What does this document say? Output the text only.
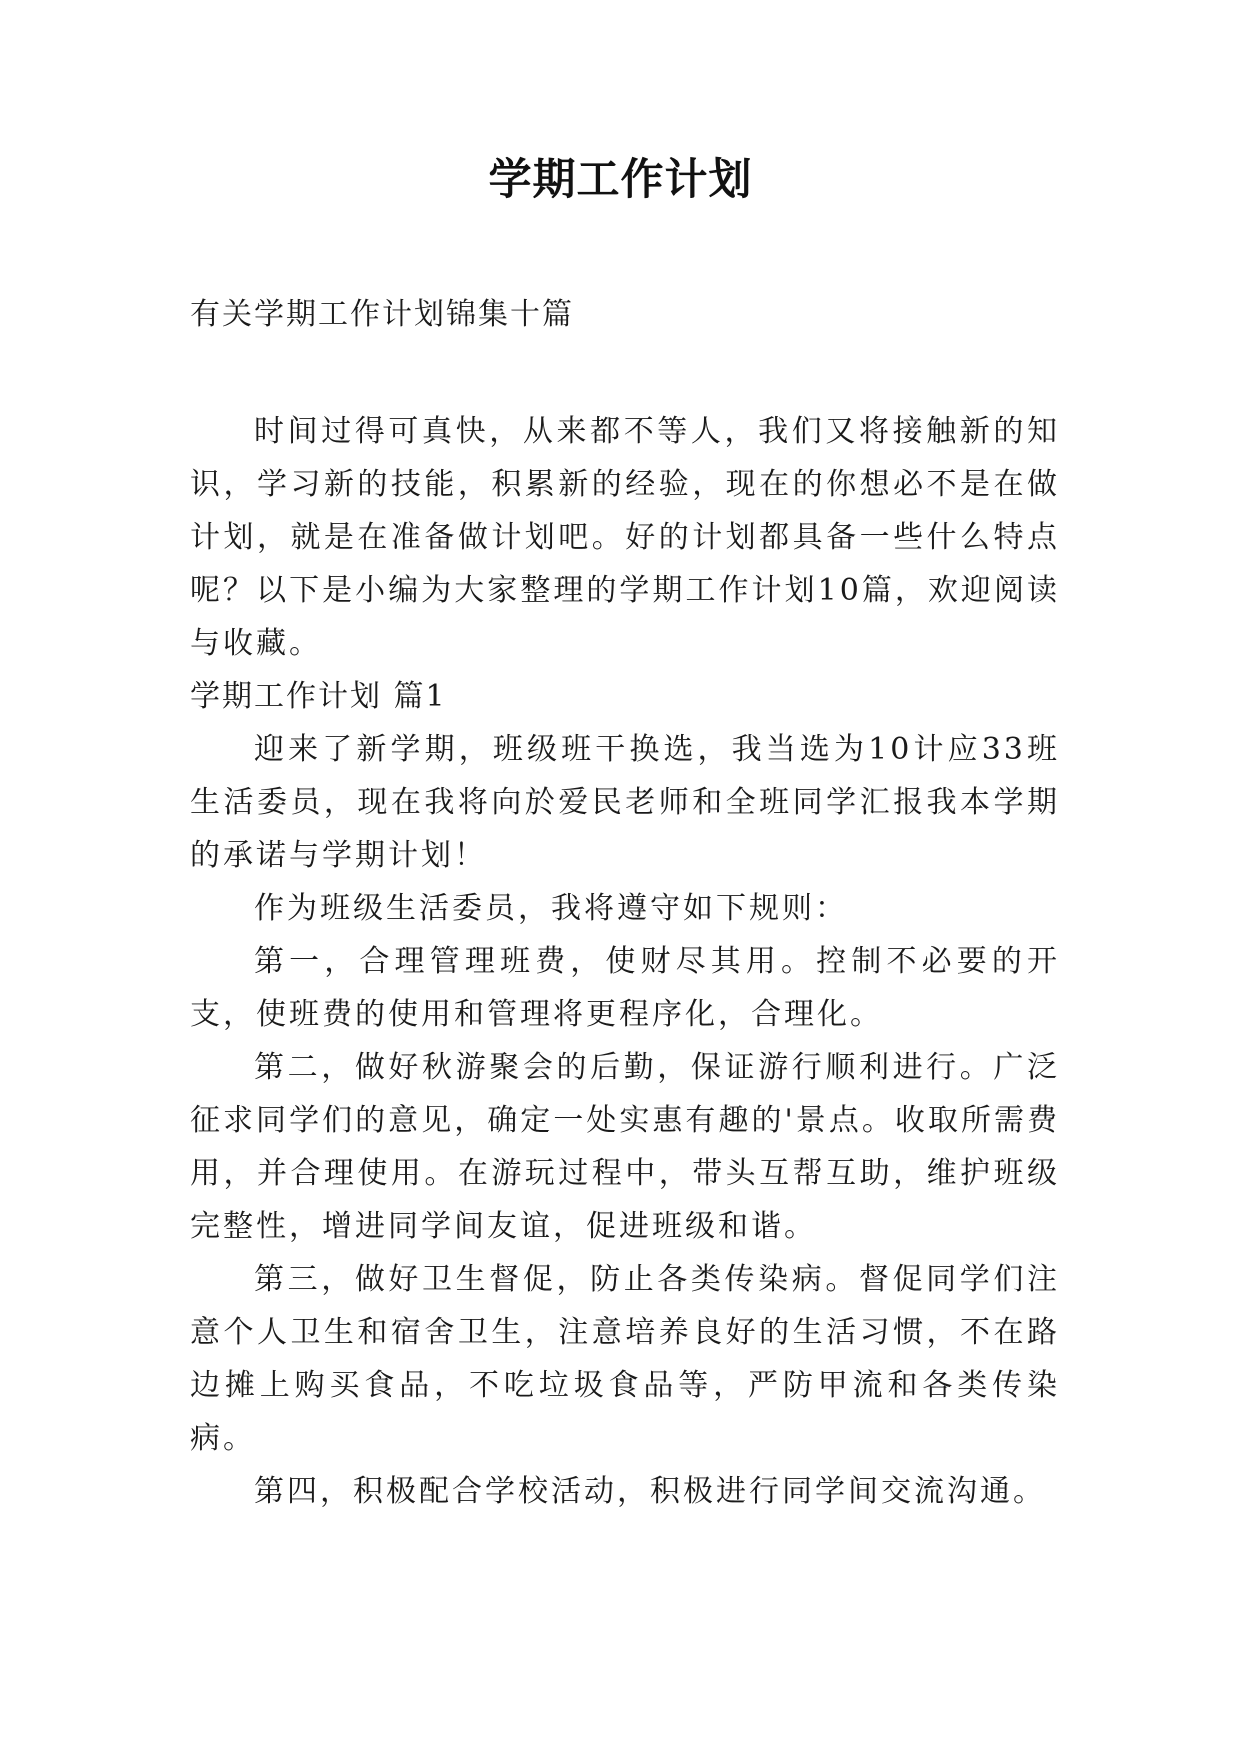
学期工作计划
有关学期工作计划锦集十篇

时间过得可真快，从来都不等人，我们又将接触新的知识，学习新的技能，积累新的经验，现在的你想必不是在做计划，就是在准备做计划吧。好的计划都具备一些什么特点呢？以下是小编为大家整理的学期工作计划10篇，欢迎阅读与收藏。

学期工作计划 篇1

迎来了新学期，班级班干换选，我当选为10计应33班生活委员，现在我将向於爱民老师和全班同学汇报我本学期的承诺与学期计划！

作为班级生活委员，我将遵守如下规则：

第一，合理管理班费，使财尽其用。控制不必要的开支，使班费的使用和管理将更程序化，合理化。

第二，做好秋游聚会的后勤，保证游行顺利进行。广泛征求同学们的意见，确定一处实惠有趣的'景点。收取所需费用，并合理使用。在游玩过程中，带头互帮互助，维护班级完整性，增进同学间友谊，促进班级和谐。

第三，做好卫生督促，防止各类传染病。督促同学们注意个人卫生和宿舍卫生，注意培养良好的生活习惯，不在路边摊上购买食品，不吃垃圾食品等，严防甲流和各类传染病。

第四，积极配合学校活动，积极进行同学间交流沟通。
